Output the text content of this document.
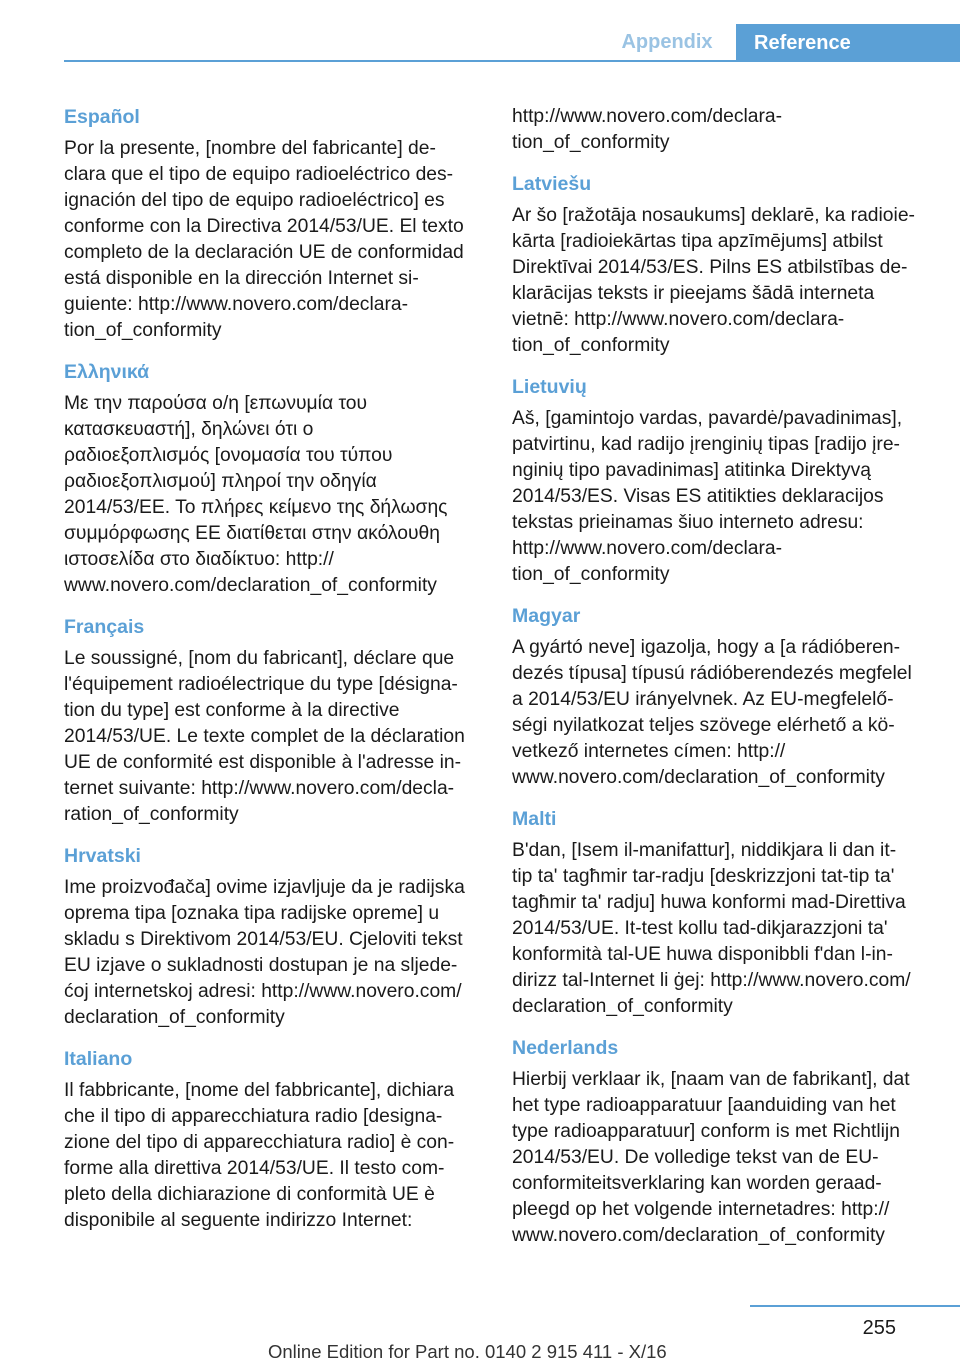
Appendix	Reference
Español

Por la presente, [nombre del fabricante] de-
clara que el tipo de equipo radioeléctrico des-
ignación del tipo de equipo radioeléctrico] es
conforme con la Directiva 2014/53/UE. El texto
completo de la declaración UE de conformidad
está disponible en la dirección Internet si-
guiente: http://www.novero.com/declara-
tion_of_conformity

Ελληνικά

Με την παρούσα ο/η [επωνυμία του
κατασκευαστή], δηλώνει ότι ο
ραδιοεξοπλισμός [ονομασία του τύπου
ραδιοεξοπλισμού] πληροί την οδηγία
2014/53/ΕΕ. Το πλήρες κείμενο της δήλωσης
συμμόρφωσης ΕΕ διατίθεται στην ακόλουθη
ιστοσελίδα στο διαδίκτυο: http://
www.novero.com/declaration_of_conformity

Français

Le soussigné, [nom du fabricant], déclare que
l'équipement radioélectrique du type [désigna-
tion du type] est conforme à la directive
2014/53/UE. Le texte complet de la déclaration
UE de conformité est disponible à l'adresse in-
ternet suivante: http://www.novero.com/decla-
ration_of_conformity

Hrvatski

Ime proizvođača] ovime izjavljuje da je radijska
oprema tipa [oznaka tipa radijske opreme] u
skladu s Direktivom 2014/53/EU. Cjeloviti tekst
EU izjave o sukladnosti dostupan je na sljede-
ćoj internetskoj adresi: http://www.novero.com/
declaration_of_conformity

Italiano

Il fabbricante, [nome del fabbricante], dichiara
che il tipo di apparecchiatura radio [designa-
zione del tipo di apparecchiatura radio] è con-
forme alla direttiva 2014/53/UE. Il testo com-
pleto della dichiarazione di conformità UE è
disponibile al seguente indirizzo Internet:

http://www.novero.com/declara-
tion_of_conformity

Latviešu

Ar šo [ražotāja nosaukums] deklarē, ka radioie-
kārta [radioiekārtas tipa apzīmējums] atbilst
Direktīvai 2014/53/ES. Pilns ES atbilstības de-
klarācijas teksts ir pieejams šādā interneta
vietnē: http://www.novero.com/declara-
tion_of_conformity

Lietuvių

Aš, [gamintojo vardas, pavardė/pavadinimas],
patvirtinu, kad radijo įrenginių tipas [radijo įre-
nginių tipo pavadinimas] atitinka Direktyvą
2014/53/ES. Visas ES atitikties deklaracijos
tekstas prieinamas šiuo interneto adresu:
http://www.novero.com/declara-
tion_of_conformity

Magyar

A gyártó neve] igazolja, hogy a [a rádióberen-
dezés típusa] típusú rádióberendezés megfelel
a 2014/53/EU irányelvnek. Az EU-megfelelő-
ségi nyilatkozat teljes szövege elérhető a kö-
vetkező internetes címen: http://
www.novero.com/declaration_of_conformity

Malti

B'dan, [Isem il-manifattur], niddikjara li dan it-
tip ta' tagħmir tar-radju [deskrizzjoni tat-tip ta'
tagħmir ta' radju] huwa konformi mad-Direttiva
2014/53/UE. It-test kollu tad-dikjarazzjoni ta'
konformità tal-UE huwa disponibbli f'dan l-in-
dirizz tal-Internet li ġej: http://www.novero.com/
declaration_of_conformity

Nederlands

Hierbij verklaar ik, [naam van de fabrikant], dat
het type radioapparatuur [aanduiding van het
type radioapparatuur] conform is met Richtlijn
2014/53/EU. De volledige tekst van de EU-
conformiteitsverklaring kan worden geraad-
pleegd op het volgende internetadres: http://
www.novero.com/declaration_of_conformity

255
Online Edition for Part no. 0140 2 915 411 - X/16
